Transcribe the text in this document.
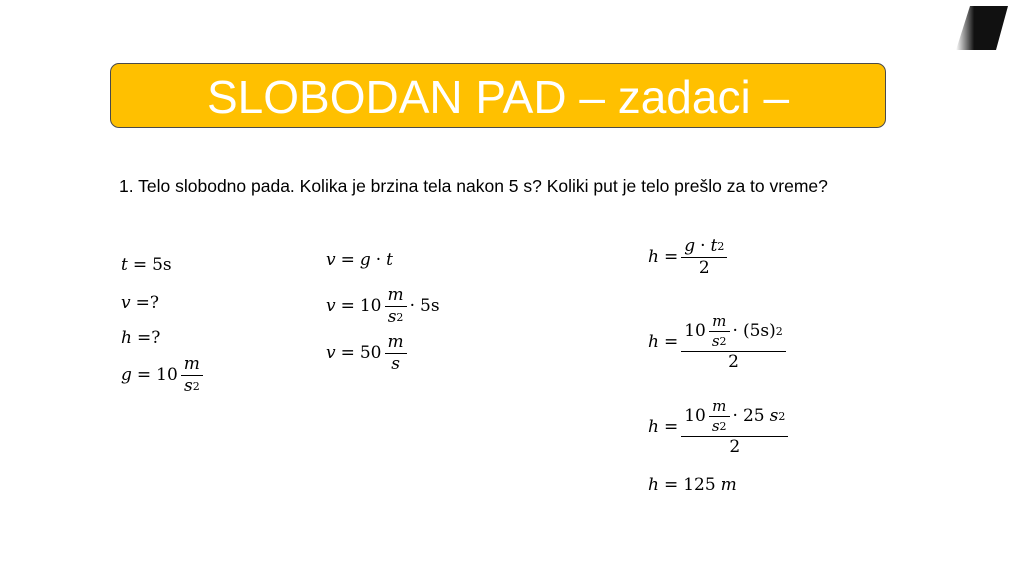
SLOBODAN PAD – zadaci –
1. Telo slobodno pada. Kolika je brzina tela nakon 5 s? Koliki put je telo prešlo za to vreme?
t = 5s
v =?
h =?
$g = 10 \frac{m}{s 2}$
v = g · t
$v = 10 \frac{m}{s 2} \cdot 5s$
$v = 50 \frac{m}{s}$
$h = \frac{g \cdot t 2}{2}$
$h = \frac{10 \frac{m}{s 2} \cdot (5s) 2}{2}$
$h = \frac{10 \frac{m}{s 2} \cdot 25 s 2}{2}$
h = 125 m
